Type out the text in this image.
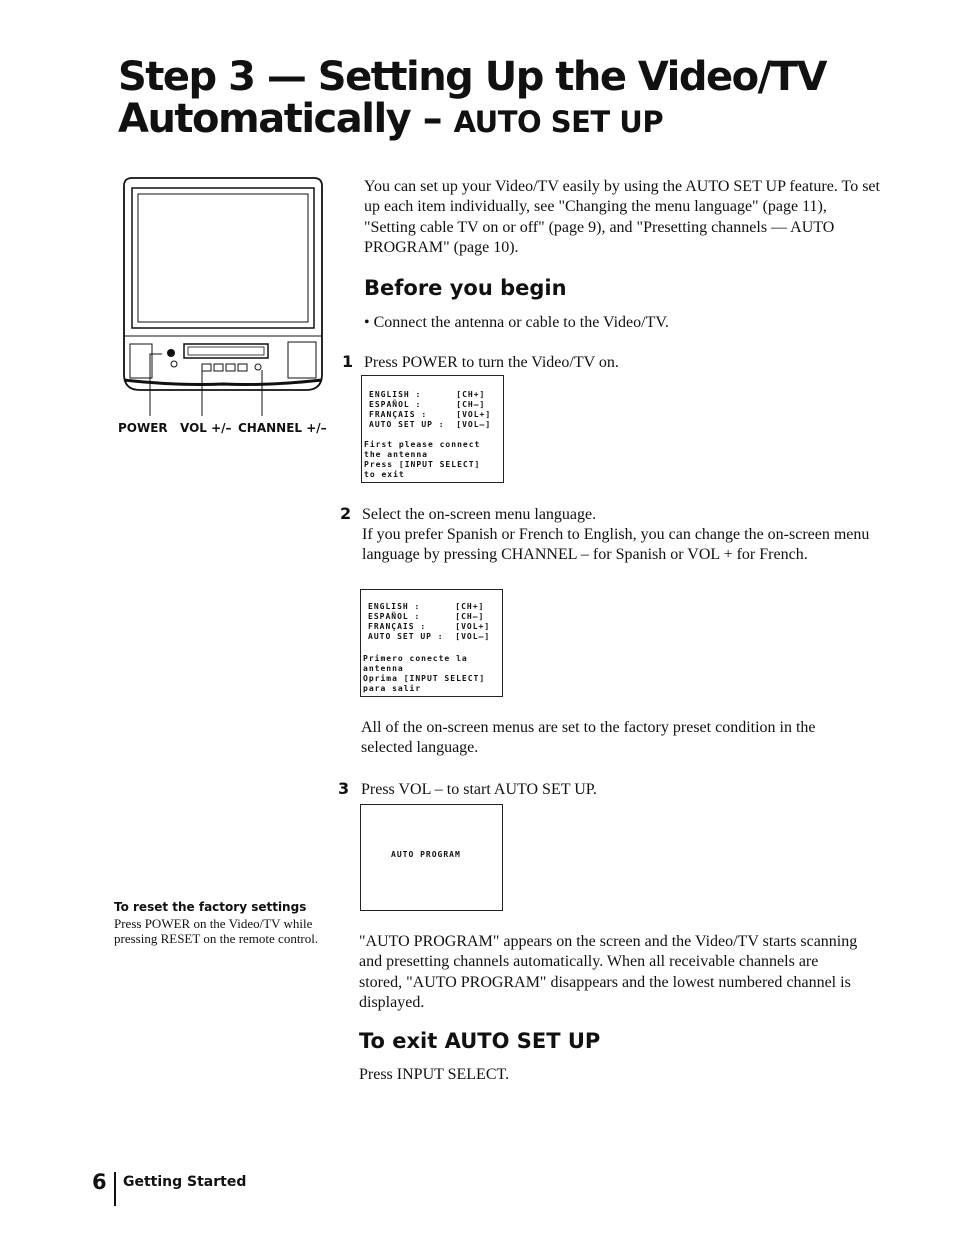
Step 3 — Setting Up the Video/TV
Automatically – AUTO SET UP
POWER VOL +/– CHANNEL +/–
You can set up your Video/TV easily by using the AUTO SET UP feature. To set up each item individually, see "Changing the menu language" (page 11), "Setting cable TV on or off" (page 9), and "Presetting channels — AUTO PROGRAM" (page 10).
Before you begin
• Connect the antenna or cable to the Video/TV.
1 Press POWER to turn the Video/TV on.
ENGLISH :      [CH+]
ESPAÑOL :      [CH–]
FRANÇAIS :     [VOL+]
AUTO SET UP :  [VOL–]
First please connect
the antenna
Press [INPUT SELECT]
to exit
2 Select the on-screen menu language.
If you prefer Spanish or French to English, you can change the on-screen menu language by pressing CHANNEL – for Spanish or VOL + for French.
ENGLISH :      [CH+]
ESPAÑOL :      [CH–]
FRANÇAIS :     [VOL+]
AUTO SET UP :  [VOL–]
Primero conecte la
antenna
Oprima [INPUT SELECT]
para salir
All of the on-screen menus are set to the factory preset condition in the selected language.
3 Press VOL – to start AUTO SET UP.
AUTO PROGRAM
"AUTO PROGRAM" appears on the screen and the Video/TV starts scanning and presetting channels automatically. When all receivable channels are stored, "AUTO PROGRAM" disappears and the lowest numbered channel is displayed.
To exit AUTO SET UP
Press INPUT SELECT.
To reset the factory settings
Press POWER on the Video/TV while pressing RESET on the remote control.
6 Getting Started
